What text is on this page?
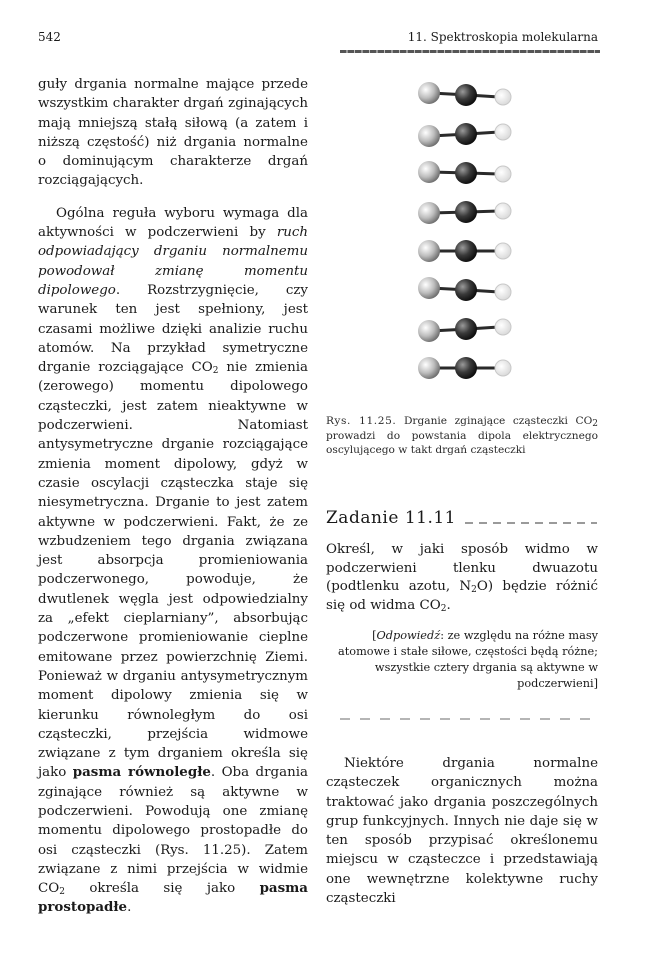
542	11. Spektroskopia molekularna

guły drgania normalne mające przede wszystkim charakter drgań zginających mają mniejszą stałą siłową (a zatem i niższą częstość) niż drgania normalne o dominującym charakterze drgań rozciągających.

Ogólna reguła wyboru wymaga dla aktywności w podczerwieni by ruch odpowiadający drganiu normalnemu powodował zmianę momentu dipolowego. Rozstrzygnięcie, czy warunek ten jest spełniony, jest czasami możliwe dzięki analizie ruchu atomów. Na przykład symetryczne drganie rozciągające $CO_2$ nie zmienia (zerowego) momentu dipolowego cząsteczki, jest zatem nieaktywne w podczerwieni. Natomiast antysymetryczne drganie rozciągające zmienia moment dipolowy, gdyż w czasie oscylacji cząsteczka staje się niesymetryczna. Drganie to jest zatem aktywne w podczerwieni. Fakt, że ze wzbudzeniem tego drgania związana jest absorpcja promieniowania podczerwonego, powoduje, że dwutlenek węgla jest odpowiedzialny za „efekt cieplarniany”, absorbując podczerwone promieniowanie cieplne emitowane przez powierzchnię Ziemi. Ponieważ w drganiu antysymetrycznym moment dipolowy zmienia się w kierunku równoległym do osi cząsteczki, przejścia widmowe związane z tym drganiem określa się jako pasma równoległe. Oba drgania zginające również są aktywne w podczerwieni. Powodują one zmianę momentu dipolowego prostopadłe do osi cząsteczki (Rys. 11.25). Zatem związane z nimi przejścia w widmie $CO_2$ określa się jako pasma prostopadłe.

Rys. 11.25. Drganie zginające cząsteczki $CO_2$ prowadzi do powstania dipola elektrycznego oscylującego w takt drgań cząsteczki
Zadanie 11.11
Określ, w jaki sposób widmo w podczerwieni tlenku dwuazotu (podtlenku azotu, $N_2O$) będzie różnić się od widma $CO_2$.
[Odpowiedź: ze względu na różne masy atomowe i stałe siłowe, częstości będą różne; wszystkie cztery drgania są aktywne w podczerwieni]

Niektóre drgania normalne cząsteczek organicznych można traktować jako drgania poszczególnych grup funkcyjnych. Innych nie daje się w ten sposób przypisać określonemu miejscu w cząsteczce i przedstawiają one wewnętrzne kolektywne ruchy cząsteczki
